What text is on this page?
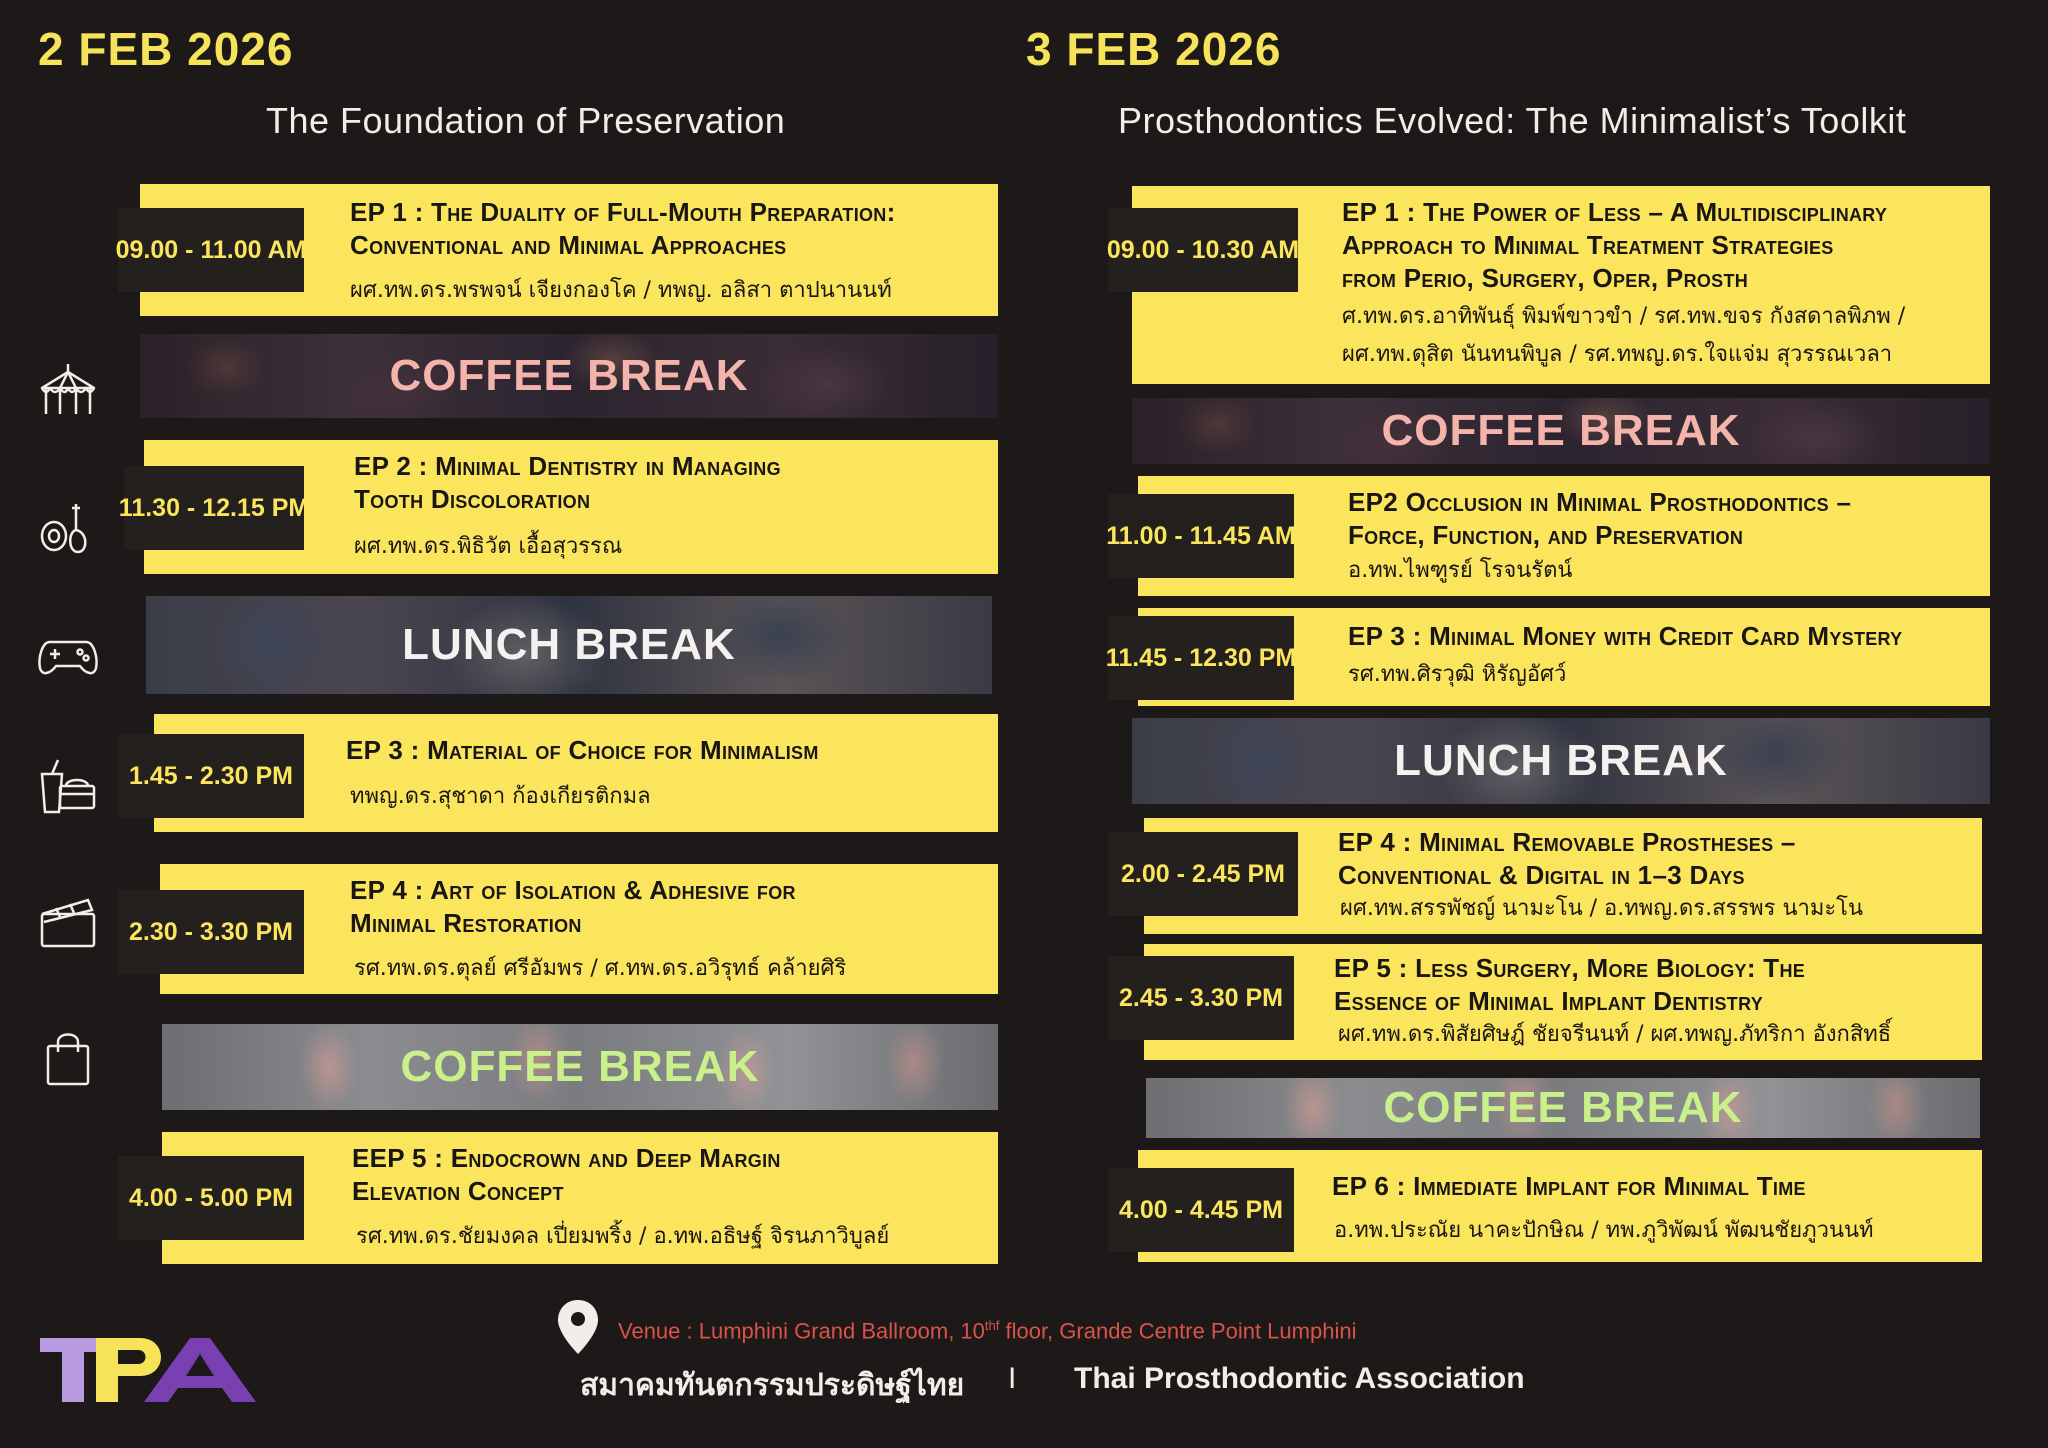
2 FEB 2026
The Foundation of Preservation
3 FEB 2026
Prosthodontics Evolved: The Minimalist’s Toolkit
EP 1 : The Duality of Full-Mouth Preparation:
Conventional and Minimal Approaches
ผศ.ทพ.ดร.พรพจน์ เจียงกองโค / ทพญ. อลิสา ตาปนานนท์
09.00 - 11.00 AM
COFFEE BREAK
EP 2 : Minimal Dentistry in Managing
Tooth Discoloration
ผศ.ทพ.ดร.พิธิวัต เอื้อสุวรรณ
11.30 - 12.15 PM
LUNCH BREAK
EP 3 : Material of Choice for Minimalism
ทพญ.ดร.สุชาดา ก้องเกียรติกมล
1.45 - 2.30 PM
EP 4 : Art of Isolation & Adhesive for
Minimal Restoration
รศ.ทพ.ดร.ตุลย์ ศรีอัมพร / ศ.ทพ.ดร.อวิรุทธ์ คล้ายศิริ
2.30 - 3.30 PM
COFFEE BREAK
EEP 5 : Endocrown and Deep Margin
Elevation Concept
รศ.ทพ.ดร.ชัยมงคล เปี่ยมพริ้ง / อ.ทพ.อธิษฐ์ จิรนภาวิบูลย์
4.00 - 5.00 PM
EP 1 : The Power of Less – A Multidisciplinary
Approach to Minimal Treatment Strategies
from Perio, Surgery, Oper, Prosth
ศ.ทพ.ดร.อาทิพันธุ์ พิมพ์ขาวขำ / รศ.ทพ.ขจร กังสดาลพิภพ /
ผศ.ทพ.ดุสิต นันทนพิบูล / รศ.ทพญ.ดร.ใจแจ่ม สุวรรณเวลา
09.00 - 10.30 AM
COFFEE BREAK
EP2 Occlusion in Minimal Prosthodontics –
Force, Function, and Preservation
อ.ทพ.ไพฑูรย์ โรจนรัตน์
11.00 - 11.45 AM
EP 3 : Minimal Money with Credit Card Mystery
รศ.ทพ.ศิรวุฒิ หิรัญอัศว์
11.45 - 12.30 PM
LUNCH BREAK
EP 4 : Minimal Removable Prostheses –
Conventional & Digital in 1–3 Days
ผศ.ทพ.สรรพัชญ์ นามะโน / อ.ทพญ.ดร.สรรพร นามะโน
2.00 - 2.45 PM
EP 5 : Less Surgery, More Biology: The
Essence of Minimal Implant Dentistry
ผศ.ทพ.ดร.พิสัยศิษฎ์ ชัยจรีนนท์ / ผศ.ทพญ.ภัทริกา อังกสิทธิ์
2.45 - 3.30 PM
COFFEE BREAK
EP 6 : Immediate Implant for Minimal Time
อ.ทพ.ประณัย นาคะปักษิณ / ทพ.ภูวิพัฒน์ พัฒนชัยภูวนนท์
4.00 - 4.45 PM
Venue : Lumphini Grand Ballroom, $10^{thf}$ floor, Grande Centre Point Lumphini
สมาคมทันตกรรมประดิษฐ์ไทย I Thai Prosthodontic Association
